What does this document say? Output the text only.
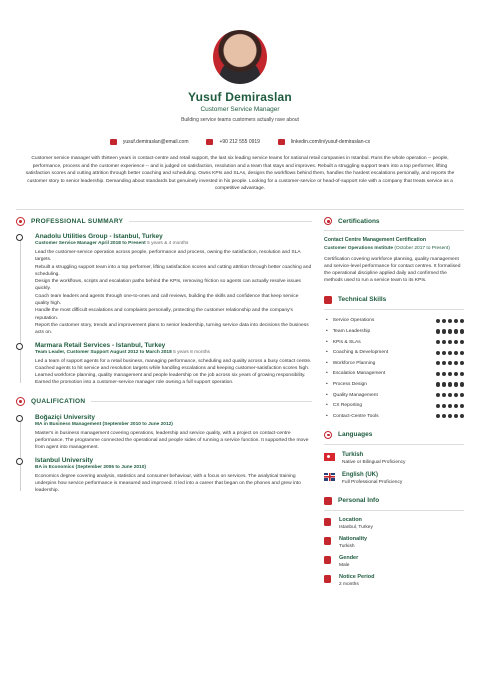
Yusuf Demiraslan
Customer Service Manager
Building service teams customers actually rave about
yusuf.demiraslan@email.com	+90 212 555 0919	linkedin.com/in/yusuf-demiraslan-cx
Customer service manager with thirteen years in contact-centre and retail support, the last six leading service teams for national retail companies in Istanbul. Runs the whole operation -- people, performance, process and the customer experience -- and is judged on satisfaction, resolution and a team that stays and improves. Rebuilt a struggling support team into a top performer, lifting satisfaction scores and cutting attrition through better coaching and scheduling. Owns KPIs and SLAs, designs the workflows behind them, handles the hardest escalations personally, and reports the customer story to senior leadership. Demanding about standards but genuinely invested in his people. Looking for a customer-service or head-of-support role with a company that treats service as a competitive advantage.
PROFESSIONAL SUMMARY
Anadolu Utilities Group - Istanbul, Turkey
Customer Service Manager April 2018 to Present 5 years & 4 months
Lead the customer-service operation across people, performance and process, owning the satisfaction, resolution and SLA targets.
Rebuilt a struggling support team into a top performer, lifting satisfaction scores and cutting attrition through better coaching and scheduling.
Design the workflows, scripts and escalation paths behind the KPIs, removing friction so agents can actually resolve issues quickly.
Coach team leaders and agents through one-to-ones and call reviews, building the skills and confidence that keep service quality high.
Handle the most difficult escalations and complaints personally, protecting the customer relationship and the company's reputation.
Report the customer story, trends and improvement plans to senior leadership, turning service data into decisions the business acts on.
Marmara Retail Services - Istanbul, Turkey
Team Leader, Customer Support August 2012 to March 2018 5 years 8 months
Led a team of support agents for a retail business, managing performance, scheduling and quality across a busy contact centre.
Coached agents to hit service and resolution targets while handling escalations and keeping customer-satisfaction scores high.
Learned workforce planning, quality management and people leadership on the job across six years of growing responsibility.
Earned the promotion into a customer-service manager role owning a full support operation.
QUALIFICATION
Boğaziçi University
MA in Business Management (September 2010 to June 2012)
Master's in business management covering operations, leadership and service quality, with a project on contact-centre performance. The programme connected the operational and people sides of running a service function. It supported the move from agent into management.
Istanbul University
BA in Economics (September 2006 to June 2010)
Economics degree covering analysis, statistics and consumer behaviour, with a focus on services. The analytical training underpins how service performance is measured and improved. It led into a career that began on the phones and grew into leadership.
Certifications
Contact Centre Management Certification
Customer Operations Institute (October 2017 to Present)
Certification covering workforce planning, quality management and service-level performance for contact centres. It formalised the operational discipline applied daily and confirmed the methods used to run a service team to its KPIs.
Technical Skills
• Service Operations
• Team Leadership
• KPIs & SLAs
• Coaching & Development
• Workforce Planning
• Escalation Management
• Process Design
• Quality Management
• CX Reporting
• Contact-Centre Tools
Languages
Turkish
Native or Bilingual Proficiency
English (UK)
Full Professional Proficiency
Personal Info
Location
Istanbul, Turkey
Nationality
Turkish
Gender
Male
Notice Period
2 months
